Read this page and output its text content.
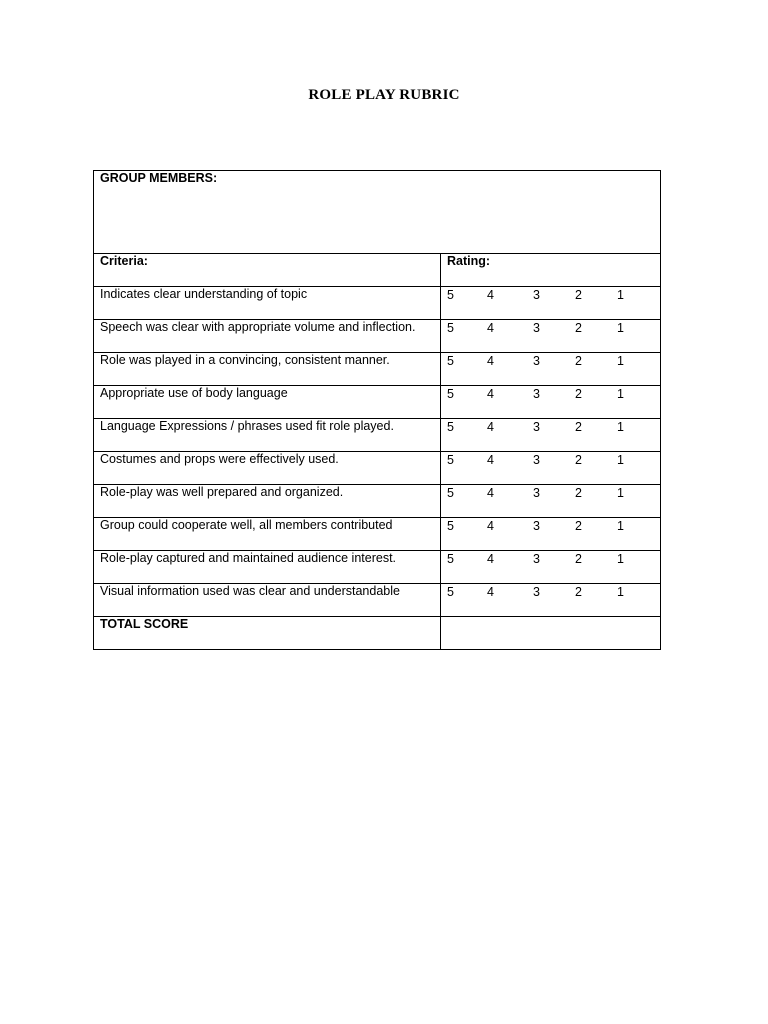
ROLE PLAY RUBRIC
GROUP MEMBERS:	

Criteria:	Rating:

Indicates clear understanding of topic	5 4 3 2 1

Speech was clear with appropriate volume and inflection.	5 4 3 2 1

Role was played in a convincing, consistent manner.	5 4 3 2 1

Appropriate use of body language	5 4 3 2 1

Language Expressions / phrases used fit role played.	5 4 3 2 1

Costumes and props were effectively used.	5 4 3 2 1

Role-play was well prepared and organized.	5 4 3 2 1

Group could cooperate well, all members contributed	5 4 3 2 1

Role-play captured and maintained audience interest.	5 4 3 2 1

Visual information used was clear and understandable	5 4 3 2 1

TOTAL SCORE	
